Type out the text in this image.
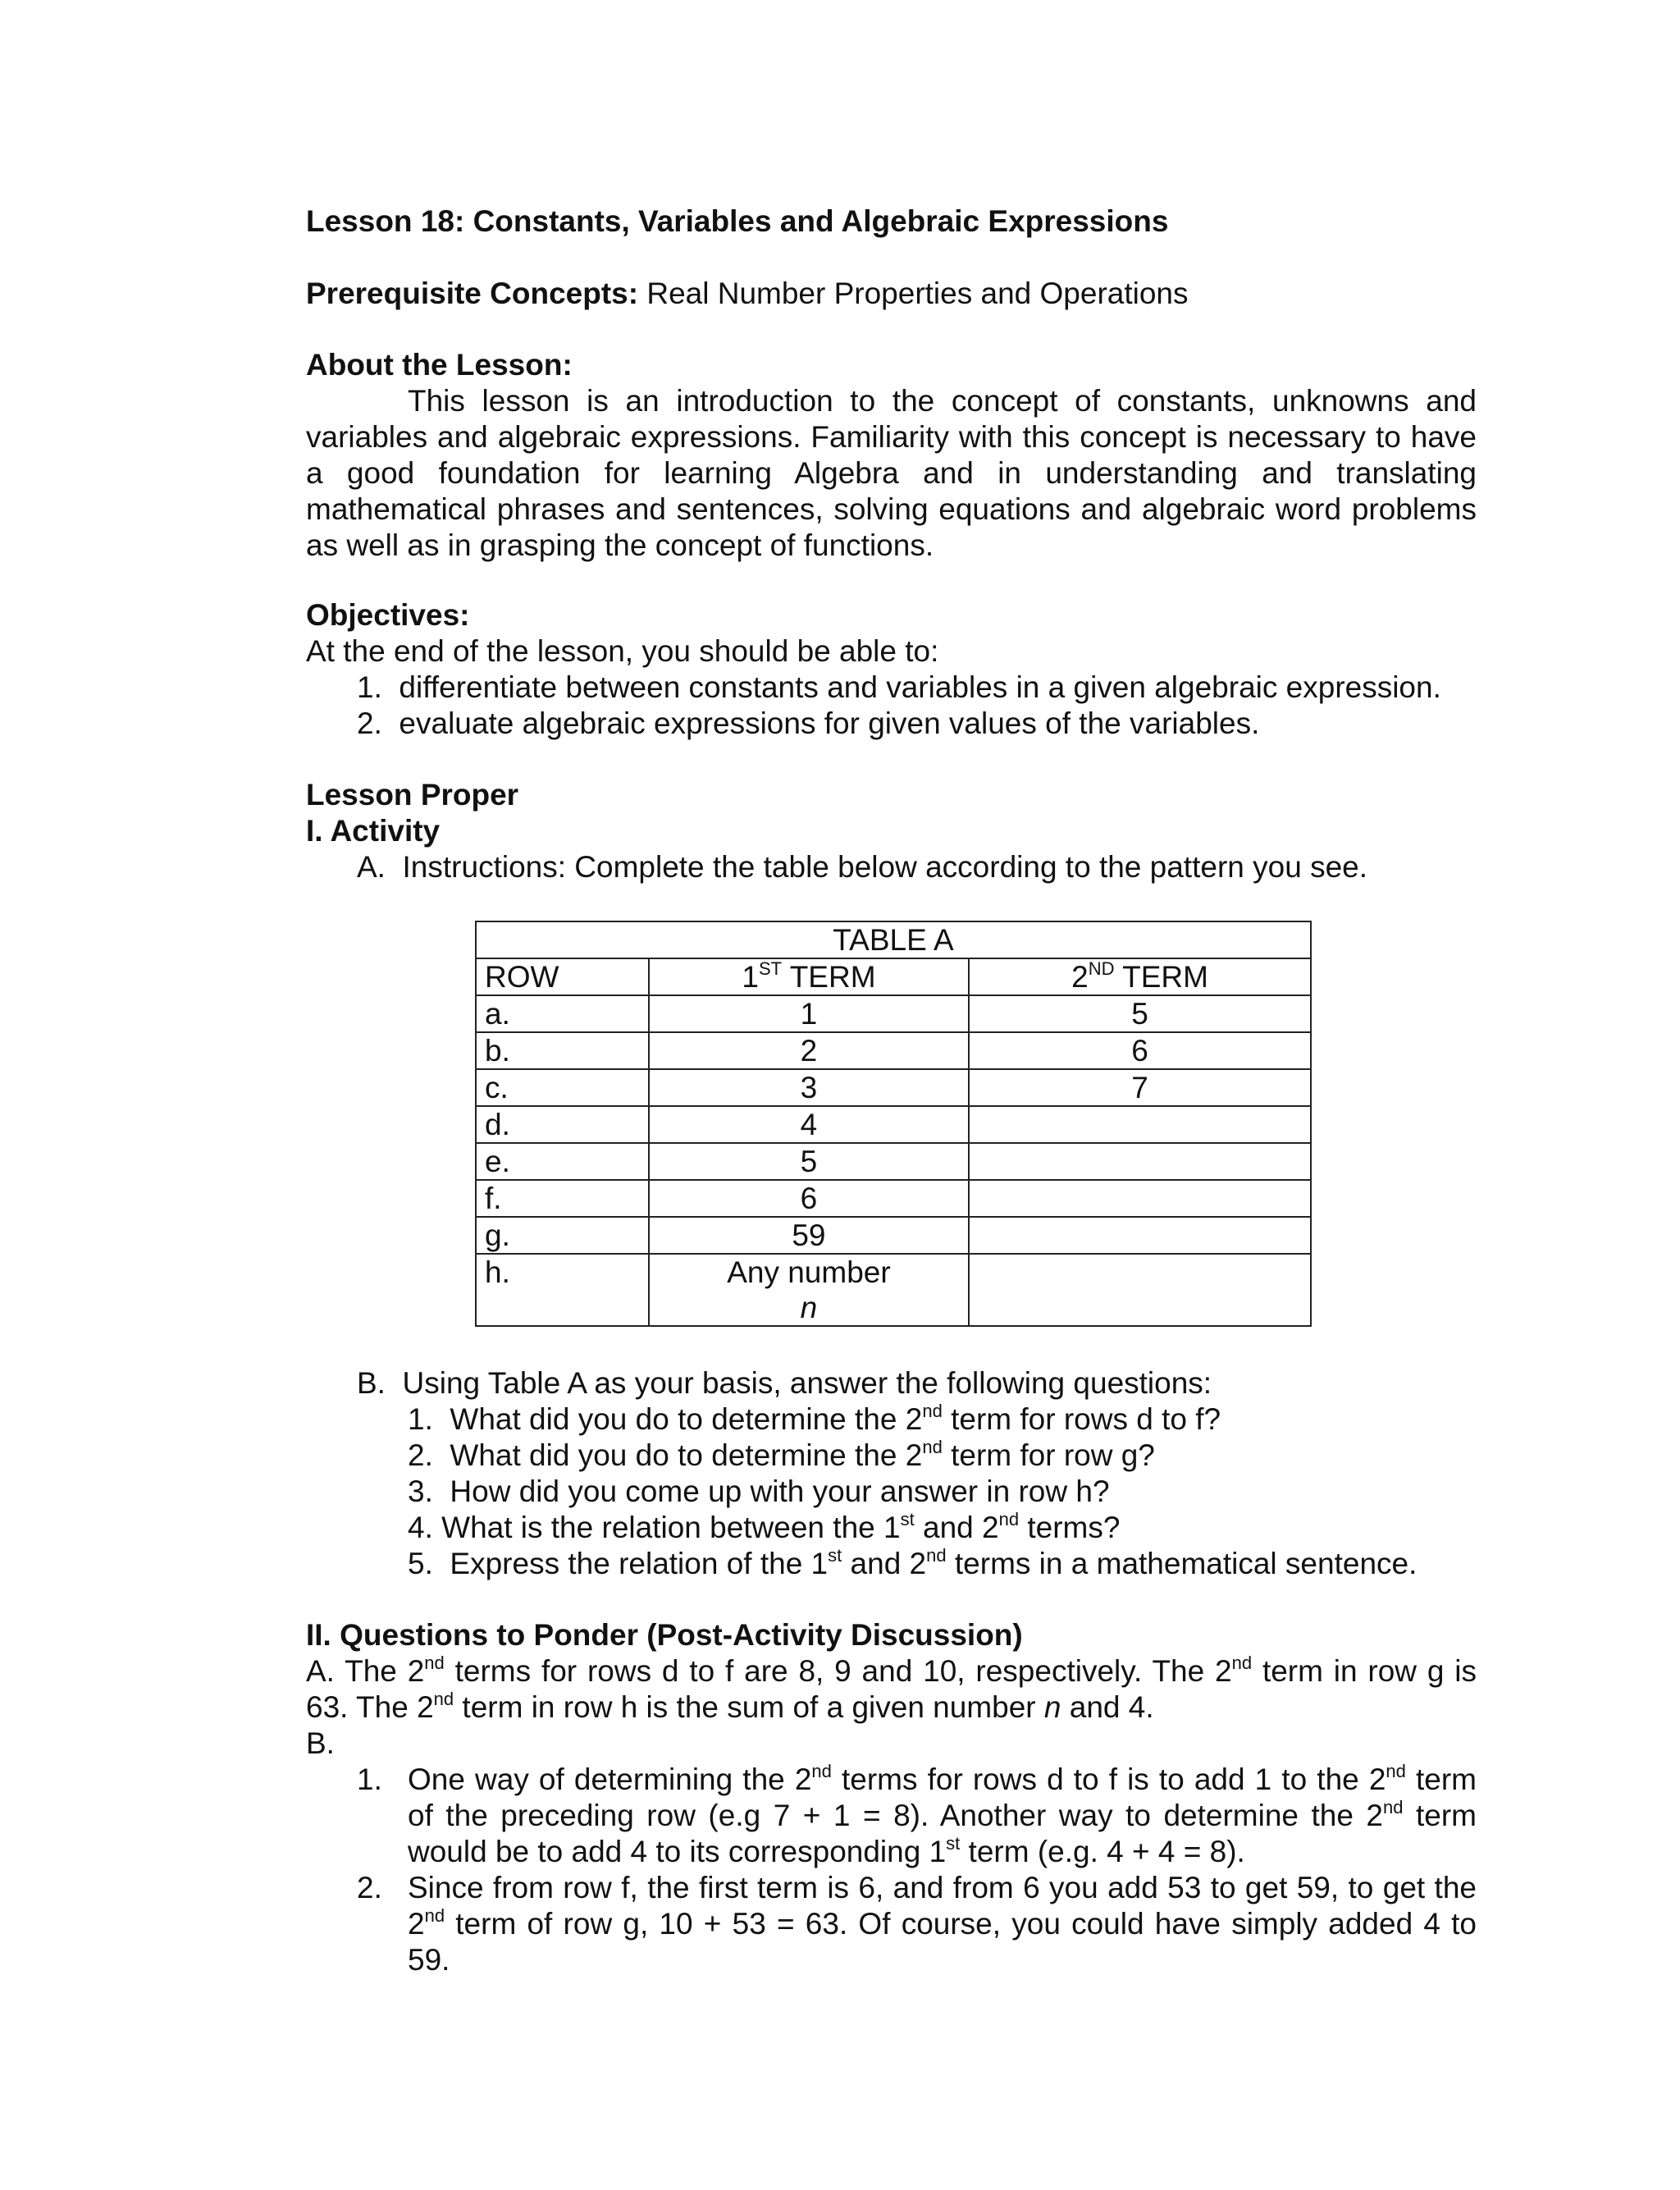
Lesson 18: Constants, Variables and Algebraic Expressions
Prerequisite Concepts: Real Number Properties and Operations
About the Lesson:
This lesson is an introduction to the concept of constants, unknowns and variables and algebraic expressions. Familiarity with this concept is necessary to have a good foundation for learning Algebra and in understanding and translating mathematical phrases and sentences, solving equations and algebraic word problems as well as in grasping the concept of functions.
Objectives:
At the end of the lesson, you should be able to:
1. differentiate between constants and variables in a given algebraic expression.
2. evaluate algebraic expressions for given values of the variables.
Lesson Proper
I. Activity
A. Instructions: Complete the table below according to the pattern you see.
TABLE A		
ROW	1ST TERM	2ND TERM
a.	1	5
b.	2	6
c.	3	7
d.	4	
e.	5	
f.	6	
g.	59	
h.	Any number
n	

B. Using Table A as your basis, answer the following questions:
1. What did you do to determine the 2nd term for rows d to f?
2. What did you do to determine the 2nd term for row g?
3. How did you come up with your answer in row h?
4. What is the relation between the 1st and 2nd terms?
5. Express the relation of the 1st and 2nd terms in a mathematical sentence.
II. Questions to Ponder (Post-Activity Discussion)
A. The 2nd terms for rows d to f are 8, 9 and 10, respectively. The 2nd term in row g is 63. The 2nd term in row h is the sum of a given number n and 4.
B.
1. One way of determining the 2nd terms for rows d to f is to add 1 to the 2nd term of the preceding row (e.g 7 + 1 = 8). Another way to determine the 2nd term would be to add 4 to its corresponding 1st term (e.g. 4 + 4 = 8).
2. Since from row f, the first term is 6, and from 6 you add 53 to get 59, to get the 2nd term of row g, 10 + 53 = 63. Of course, you could have simply added 4 to 59.
